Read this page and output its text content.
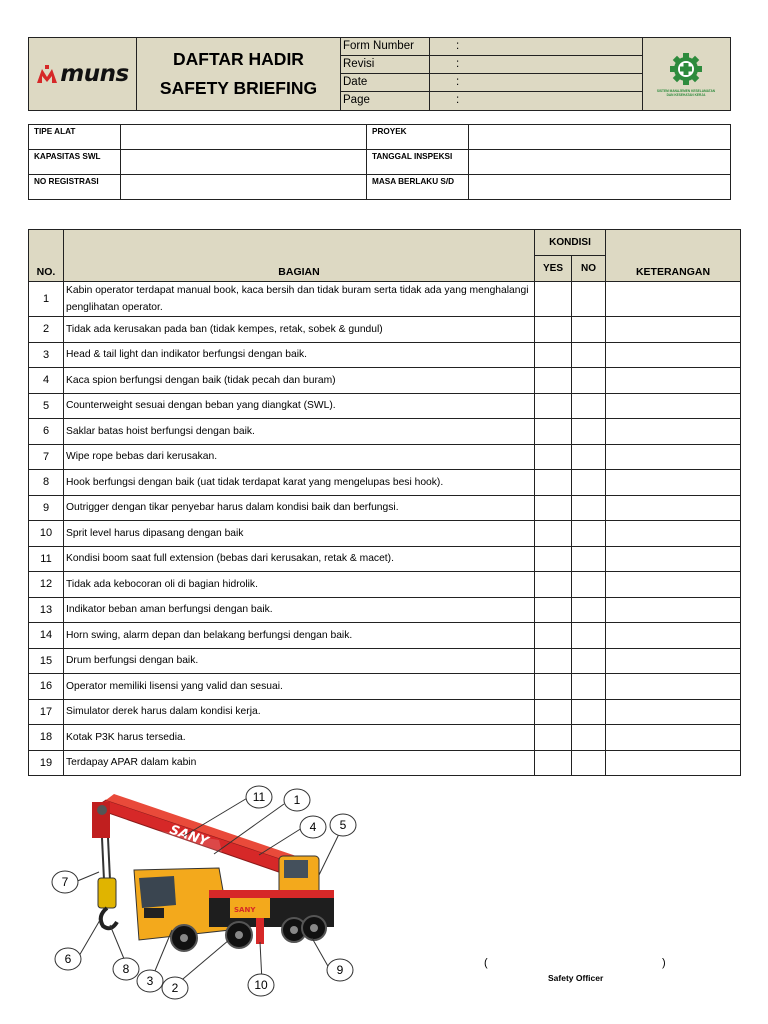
muns
DAFTAR HADIR
SAFETY BRIEFING
Form Number	:
Revisi	:
Date	:
Page	:
SISTEM MANAJEMEN KESELAMATAN DAN KESEHATAN KERJA
TIPE ALAT		PROYEK	
KAPASITAS SWL		TANGGAL INSPEKSI	
NO REGISTRASI		MASA BERLAKU S/D	
NO.	BAGIAN	KONDISI		KETERANGAN
		YES	NO	
1	Kabin operator terdapat manual book, kaca bersih dan tidak buram serta tidak ada yang menghalangi penglihatan operator.			
2	Tidak ada kerusakan pada ban (tidak kempes, retak, sobek & gundul)			
3	Head & tail light dan indikator berfungsi dengan baik.			
4	Kaca spion berfungsi dengan baik (tidak pecah dan buram)			
5	Counterweight sesuai dengan beban yang diangkat (SWL).			
6	Saklar batas hoist berfungsi dengan baik.			
7	Wipe rope bebas dari kerusakan.			
8	Hook berfungsi dengan baik (uat tidak terdapat karat yang mengelupas besi hook).			
9	Outrigger dengan tikar penyebar harus dalam kondisi baik dan berfungsi.			
10	Sprit level harus dipasang dengan baik			
11	Kondisi boom saat full extension (bebas dari kerusakan, retak & macet).			
12	Tidak ada kebocoran oli di bagian hidrolik.			
13	Indikator beban aman berfungsi dengan baik.			
14	Horn swing, alarm depan dan belakang berfungsi dengan baik.			
15	Drum berfungsi dengan baik.			
16	Operator memiliki lisensi yang valid dan sesuai.			
17	Simulator derek harus dalam kondisi kerja.			
18	Kotak P3K harus tersedia.			
19	Terdapay APAR dalam kabin			
SANY
SANY
11 1
4 5
7
6
8
3 2	10
9	(	)
Safety Officer
